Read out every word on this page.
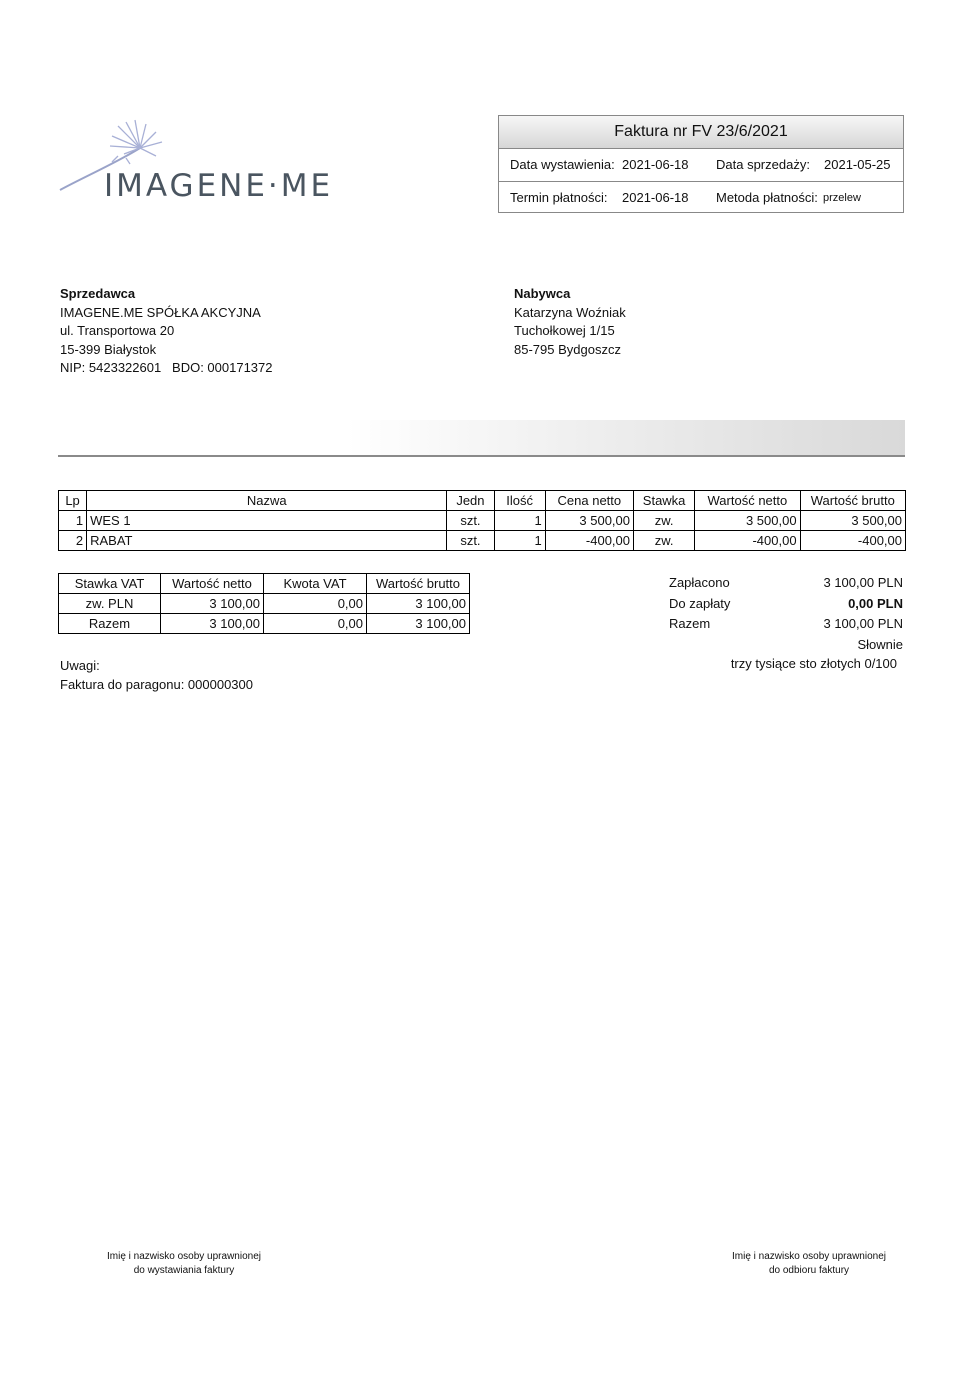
IMAGENE·ME
Faktura nr FV 23/6/2021
Data wystawienia: 2021-06-18 Data sprzedaży: 2021-05-25
Termin płatności: 2021-06-18 Metoda płatności: przelew
Sprzedawca
IMAGENE.ME SPÓŁKA AKCYJNA
ul. Transportowa 20
15-399 Białystok
NIP: 5423322601   BDO: 000171372
Nabywca
Katarzyna Woźniak
Tuchołkowej 1/15
85-795 Bydgoszcz
Lp	Nazwa	Jedn	Ilość	Cena netto	Stawka	Wartość netto	Wartość brutto
1	WES 1	szt.	1	3 500,00	zw.	3 500,00	3 500,00
2	RABAT	szt.	1	-400,00	zw.	-400,00	-400,00
Stawka VAT	Wartość netto	Kwota VAT	Wartość brutto
zw. PLN	3 100,00	0,00	3 100,00
Razem	3 100,00	0,00	3 100,00
Zapłacono	3 100,00 PLN
Do zapłaty	0,00 PLN
Razem	3 100,00 PLN
Słownie
trzy tysiące sto złotych 0/100
Uwagi:
Faktura do paragonu: 000000300
Imię i nazwisko osoby uprawnionej
do wystawiania faktury
Imię i nazwisko osoby uprawnionej
do odbioru faktury
